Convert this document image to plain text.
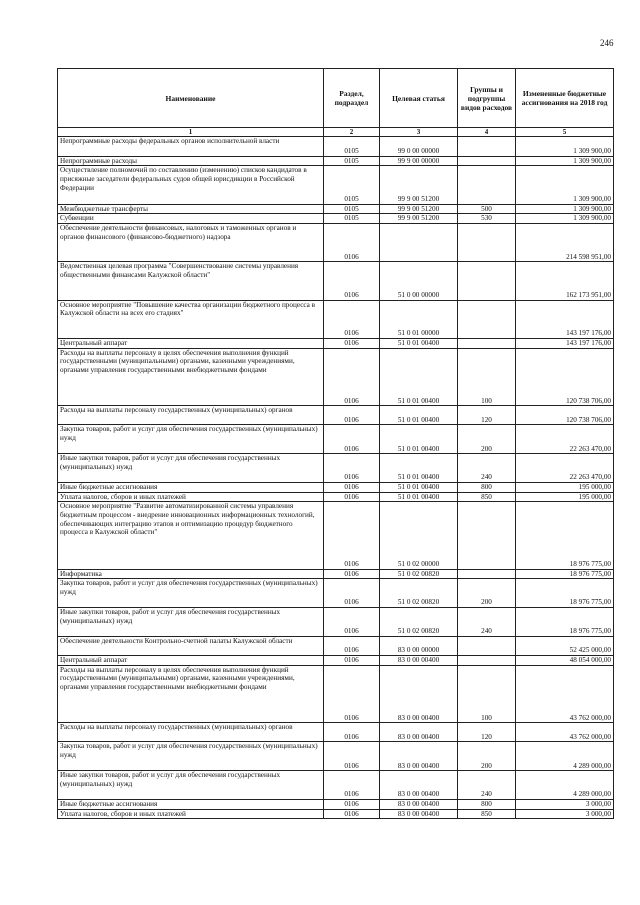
246
Наименование	Раздел, подраздел	Целевая статья	Группы и подгруппы видов расходов	Измененные бюджетные ассигнования на 2018 год
1	2	3	4	5
Непрограммные расходы федеральных органов исполнительной власти	0105	99 0 00 00000		1 309 900,00
Непрограммные расходы	0105	99 9 00 00000		1 309 900,00
Осуществление полномочий по составлению (изменению) списков кандидатов в присяжные заседатели федеральных судов общей юрисдикции в Российской Федерации	0105	99 9 00 51200		1 309 900,00
Межбюджетные трансферты	0105	99 9 00 51200	500	1 309 900,00
Субвенции	0105	99 9 00 51200	530	1 309 900,00
Обеспечение деятельности финансовых, налоговых и таможенных органов и органов финансового (финансово-бюджетного) надзора	0106			214 598 951,00
Ведомственная целевая программа "Совершенствование системы управления общественными финансами Калужской области"	0106	51 0 00 00000		162 173 951,00
Основное мероприятие "Повышение качества организации бюджетного процесса в Калужской области на всех его стадиях"	0106	51 0 01 00000		143 197 176,00
Центральный аппарат	0106	51 0 01 00400		143 197 176,00
Расходы на выплаты персоналу в целях обеспечения выполнения функций государственными (муниципальными) органами, казенными учреждениями, органами управления государственными внебюджетными фондами	0106	51 0 01 00400	100	120 738 706,00
Расходы на выплаты персоналу государственных (муниципальных) органов	0106	51 0 01 00400	120	120 738 706,00
Закупка товаров, работ и услуг для обеспечения государственных (муниципальных) нужд	0106	51 0 01 00400	200	22 263 470,00
Иные закупки товаров, работ и услуг для обеспечения государственных (муниципальных) нужд	0106	51 0 01 00400	240	22 263 470,00
Иные бюджетные ассигнования	0106	51 0 01 00400	800	195 000,00
Уплата налогов, сборов и иных платежей	0106	51 0 01 00400	850	195 000,00
Основное мероприятие "Развитие автоматизированной системы управления бюджетным процессом - внедрение инновационных информационных технологий, обеспечивающих интеграцию этапов и оптимизацию процедур бюджетного процесса в Калужской области"	0106	51 0 02 00000		18 976 775,00
Информатика	0106	51 0 02 00820		18 976 775,00
Закупка товаров, работ и услуг для обеспечения государственных (муниципальных) нужд	0106	51 0 02 00820	200	18 976 775,00
Иные закупки товаров, работ и услуг для обеспечения государственных (муниципальных) нужд	0106	51 0 02 00820	240	18 976 775,00
Обеспечение деятельности Контрольно-счетной палаты Калужской области	0106	83 0 00 00000		52 425 000,00
Центральный аппарат	0106	83 0 00 00400		48 054 000,00
Расходы на выплаты персоналу в целях обеспечения выполнения функций государственными (муниципальными) органами, казенными учреждениями, органами управления государственными внебюджетными фондами	0106	83 0 00 00400	100	43 762 000,00
Расходы на выплаты персоналу государственных (муниципальных) органов	0106	83 0 00 00400	120	43 762 000,00
Закупка товаров, работ и услуг для обеспечения государственных (муниципальных) нужд	0106	83 0 00 00400	200	4 289 000,00
Иные закупки товаров, работ и услуг для обеспечения государственных (муниципальных) нужд	0106	83 0 00 00400	240	4 289 000,00
Иные бюджетные ассигнования	0106	83 0 00 00400	800	3 000,00
Уплата налогов, сборов и иных платежей	0106	83 0 00 00400	850	3 000,00
